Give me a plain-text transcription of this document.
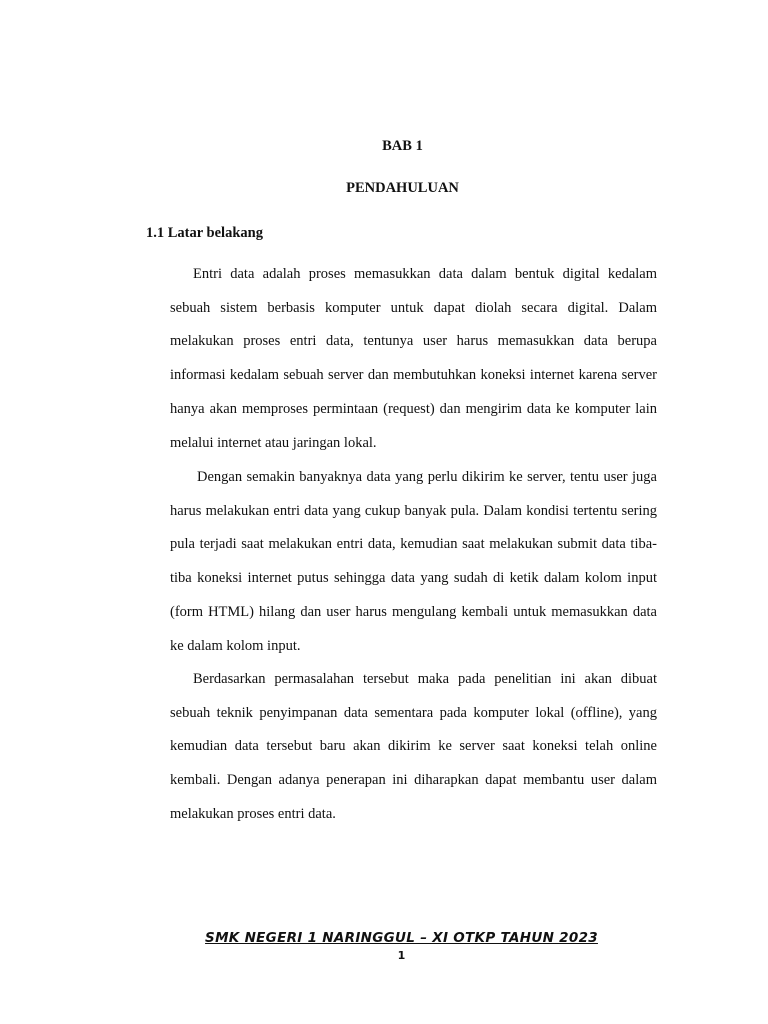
BAB 1
PENDAHULUAN
1.1 Latar belakang

Entri data adalah proses memasukkan data dalam bentuk digital kedalam sebuah sistem berbasis komputer untuk dapat diolah secara digital. Dalam melakukan proses entri data, tentunya user harus memasukkan data berupa informasi kedalam sebuah server dan membutuhkan koneksi internet karena server hanya akan memproses permintaan (request) dan mengirim data ke komputer lain melalui internet atau jaringan lokal.

Dengan semakin banyaknya data yang perlu dikirim ke server, tentu user juga harus melakukan entri data yang cukup banyak pula. Dalam kondisi tertentu sering pula terjadi saat melakukan entri data, kemudian saat melakukan submit data tiba-tiba koneksi internet putus sehingga data yang sudah di ketik dalam kolom input (form HTML) hilang dan user harus mengulang kembali untuk memasukkan data ke dalam kolom input.

Berdasarkan permasalahan tersebut maka pada penelitian ini akan dibuat sebuah teknik penyimpanan data sementara pada komputer lokal (offline), yang kemudian data tersebut baru akan dikirim ke server saat koneksi telah online kembali. Dengan adanya penerapan ini diharapkan dapat membantu user dalam melakukan proses entri data.

SMK NEGERI 1 NARINGGUL – XI OTKP TAHUN 2023

1
